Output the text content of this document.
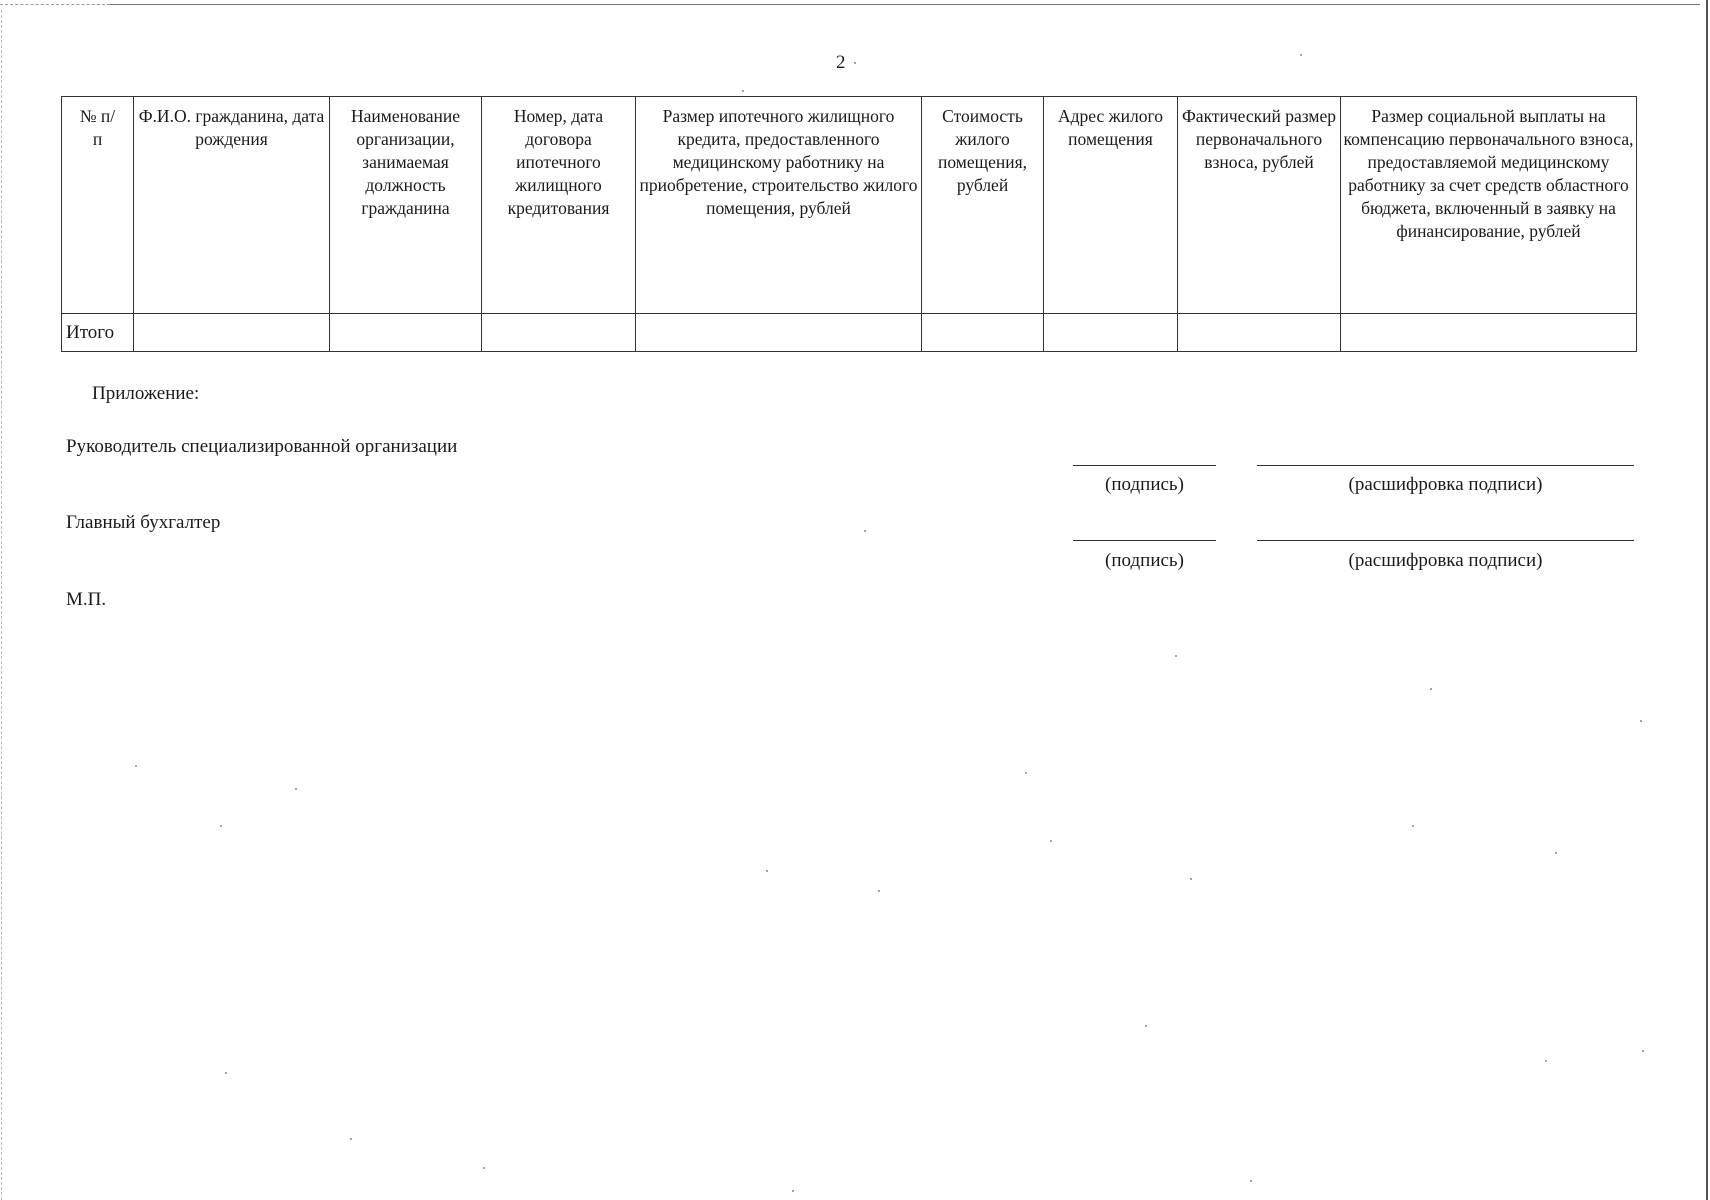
2
№ п/п	Ф.И.О. гражданина, дата рождения	Наименование организации, занимаемая должность гражданина	Номер, дата договора ипотечного жилищного кредитования	Размер ипотечного жилищного кредита, предоставленного медицинскому работнику на приобретение, строительство жилого помещения, рублей	Стоимость жилого помещения, рублей	Адрес жилого помещения	Фактический размер первоначального взноса, рублей	Размер социальной выплаты на компенсацию первоначального взноса, предоставляемой медицинскому работнику за счет средств областного бюджета, включенный в заявку на финансирование, рублей
Итого								
Приложение:
Руководитель специализированной организации
(подпись)	(расшифровка подписи)
Главный бухгалтер
(подпись)	(расшифровка подписи)
М.П.
